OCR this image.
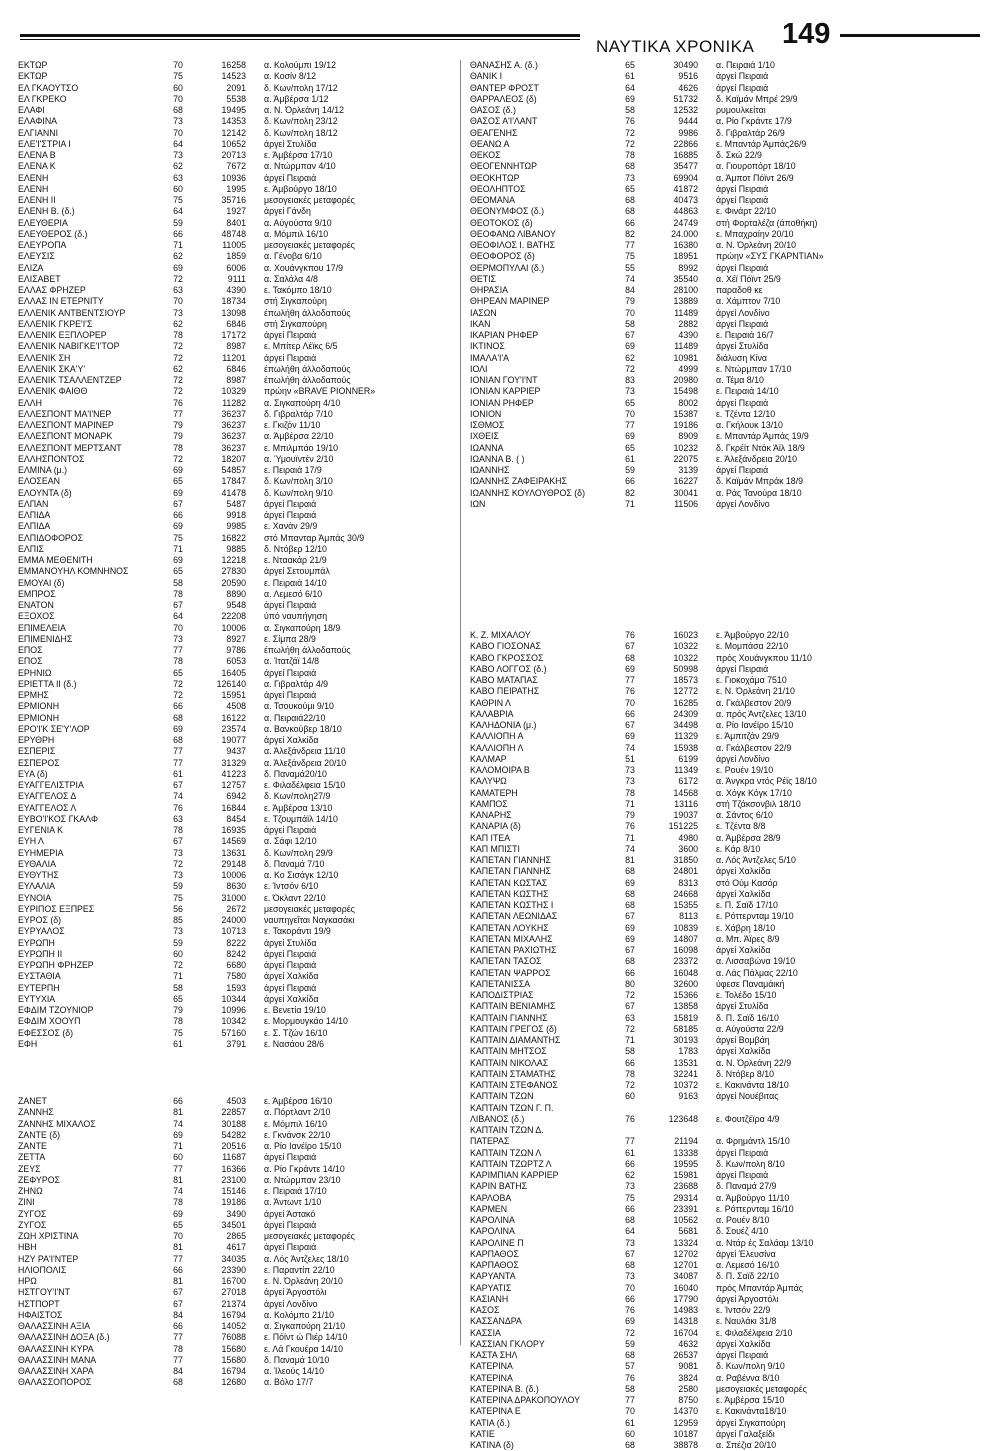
ΝΑΥΤΙΚΑ ΧΡΟΝΙΚΑ 149
ΕΚΤΩΡ	70	16258	α. Κολούμπι 19/12
ΕΚΤΩΡ	75	14523	α. Κοσίν 8/12
ΕΛ ΓΚΑΟΥΤΣΟ	60	2091	δ. Κων/πολη 17/12
ΕΛ ΓΚΡΕΚΟ	70	5538	α. Άμβέρσα 1/12
ΕΛΑΦΙ	68	19495	α. Ν. Όρλεάνη 14/12
ΕΛΑΦΙΝΑ	73	14353	δ. Κων/πολη 23/12
ΕΛΓΙΑΝΝΙ	70	12142	δ. Κων/πολη 18/12
ΕΛΕ'Ι'ΣΤΡΙΑ Ι	64	10652	άργεί Στυλίδα
ΕΛΕΝΑ Β	73	20713	ε. Άμβέρσα 17/10
ΕΛΕΝΑ Κ	62	7672	α. Ντώρμπαν 4/10
ΕΛΕΝΗ	63	10936	άργεί Πειραιά
ΕΛΕΝΗ	60	1995	ε. Άμβούργο 18/10
ΕΛΕΝΗ ΙΙ	75	35716	μεσογειακές μεταφορές
ΕΛΕΝΗ Β. (δ.)	64	1927	άργεί Γάνδη
ΕΛΕΥΘΕΡΙΑ	59	8401	α. Αύγούστα 9/10
ΕΛΕΥΘΕΡΟΣ (δ.)	66	48748	α. Μόμπιλ 16/10
ΕΛΕΥΡΟΠΑ	71	11005	μεσογειακές μεταφορές
ΕΛΕΥΣΙΣ	62	1859	α. Γένοβα 6/10
ΕΛΙΖΑ	69	6006	α. Χουάνγκπου 17/9
ΕΛΙΣΑΒΕΤ	72	9111	α. Σαλάλα 4/8
ΕΛΛΑΣ ΦΡΗΖΕΡ	63	4390	ε. Τακόμπο 18/10
ΕΛΛΑΣ ΙΝ ΕΤΕΡΝΙΤΥ	70	18734	στή Σιγκαπούρη
ΕΛΛΕΝΙΚ ΑΝΤΒΕΝΤΣΙΟΥΡ	73	13098	έπωλήθη άλλοδαπούς
ΕΛΛΕΝΙΚ ΓΚΡΕ'Ι'Σ	62	6846	στή Σιγκαπούρη
ΕΛΛΕΝΙΚ ΕΞΠΛΟΡΕΡ	78	17172	άργεί Πειραιά
ΕΛΛΕΝΙΚ ΝΑΒΙΓΚΕ'Ι'ΤΟΡ	72	8987	ε. Μπίτερ Λέϊκς 6/5
ΕΛΛΕΝΙΚ ΣΗ	72	11201	άργεί Πειραιά
ΕΛΛΕΝΙΚ ΣΚΑ'Υ'	62	6846	έπωλήθη άλλοδαπούς
ΕΛΛΕΝΙΚ ΤΣΑΛΛΕΝΤΖΕΡ	72	8987	έπωλήθη άλλοδαπούς
ΕΛΛΕΝΙΚ ΦΑΙΘΘ	72	10329	πρώην «BRAVE PIONNER»
ΕΛΛΗ	76	11282	α. Σιγκαπούρη 4/10
ΕΛΛΕΣΠΟΝΤ ΜΑ'Ι'ΝΕΡ	77	36237	δ. Γιβραλτάρ 7/10
ΕΛΛΕΣΠΟΝΤ ΜΑΡΙΝΕΡ	79	36237	ε. Γκιζόν 11/10
ΕΛΛΕΣΠΟΝΤ ΜΟΝΑΡΚ	79	36237	α. Άμβέρσα 22/10
ΕΛΛΕΣΠΟΝΤ ΜΕΡΤΣΑΝΤ	78	36237	ε. Μπιλμπάο 19/10
ΕΛΛΗΣΠΟΝΤΟΣ	72	18207	α. Ύμουϊντέν 2/10
ΕΛΜΙΝΑ (μ.)	69	54857	ε. Πειραιά 17/9
ΕΛΟΣΕΑΝ	65	17847	δ. Κων/πολη 3/10
ΕΛΟΥΝΤΑ (δ)	69	41478	δ. Κων/πολη 9/10
ΕΛΠΑΝ	67	5487	άργεί Πειραιά
ΕΛΠΙΔΑ	66	9918	άργεί Πειραιά
ΕΛΠΙΔΑ	69	9985	ε. Χανάν 29/9
ΕΛΠΙΔΟΦΟΡΟΣ	75	16822	στό Μπανταρ Άμπάς 30/9
ΕΛΠΙΣ	71	9885	δ. Ντόβερ 12/10
ΕΜΜΑ ΜΕΘΕΝΙΤΗ	69	12218	ε. Νταακάρ 21/9
ΕΜΜΑΝΟΥΗΛ ΚΟΜΝΗΝΟΣ	65	27830	άργεί Σετουμπάλ
ΕΜΟΥΑΙ (δ)	58	20590	ε. Πειραιά 14/10
ΕΜΠΡΟΣ	78	8890	α. Λεμεσό 6/10
ΕΝΑΤΟΝ	67	9548	άργεί Πειραιά
ΕΞΟΧΟΣ	64	22208	ύπό ναυπήγηση
ΕΠΙΜΕΛΕΙΑ	70	10006	α. Σιγκαπούρη 18/9
ΕΠΙΜΕΝΙΔΗΣ	73	8927	ε. Σίμπα 28/9
ΕΠΟΣ	77	9786	έπωλήθη άλλοδαπούς
ΕΠΟΣ	78	6053	α. Ίτατζάϊ 14/8
ΕΡΗΝΙΩ	65	16405	άργεί Πειραιά
ΕΡΙΕΤΤΑ ΙΙ (δ.)	72	126140	α. Γιβραλτάρ 4/9
ΕΡΜΗΣ	72	15951	άργεί Πειραιά
ΕΡΜΙΟΝΗ	66	4508	α. Τσουκούμι 9/10
ΕΡΜΙΟΝΗ	68	16122	α. Πειραιά22/10
ΕΡΟ'Ι'Κ ΣΕ'Υ'ΛΟΡ	69	23574	α. Βανκούβερ 18/10
ΕΡΥΘΡΗ	68	19077	άργεί Χαλκίδα
ΕΣΠΕΡΙΣ	77	9437	α. Άλεξάνδρεια 11/10
ΕΣΠΕΡΟΣ	77	31329	α. Άλεξάνδρεια 20/10
ΕΥΑ (δ)	61	41223	δ. Παναμά20/10
ΕΥΑΓΓΕΛΙΣΤΡΙΑ	67	12757	ε. Φιλαδέλφεια 15/10
ΕΥΑΓΓΕΛΟΣ Δ	74	6942	δ. Κων/πολη27/9
ΕΥΑΓΓΕΛΟΣ Λ	76	16844	ε. Άμβέρσα 13/10
ΕΥΒΟ'Ι'ΚΟΣ ΓΚΑΛΦ	63	8454	ε. Τζουμπάϊλ 14/10
ΕΥΓΕΝΙΑ Κ	78	16935	άργεί Πειραιά
ΕΥΗ Λ	67	14569	α. Σάφι 12/10
ΕΥΗΜΕΡΙΑ	73	13631	δ. Κων/πολη 29/9
ΕΥΘΑΛΙΑ	72	29148	δ. Παναμά 7/10
ΕΥΘΥΤΗΣ	73	10006	α. Κο Σισάγκ 12/10
ΕΥΛΑΛΙΑ	59	8630	ε. Ίντσόν 6/10
ΕΥΝΟΙΑ	75	31000	ε. Όκλαντ 22/10
ΕΥΡΙΠΟΣ ΕΞΠΡΕΣ	56	2672	μεσογειακές μεταφορές
ΕΥΡΟΣ (δ)	85	24000	ναυπηγεΐται Ναγκασάκι
ΕΥΡΥΑΛΟΣ	73	10713	ε. Τακοράντι 19/9
ΕΥΡΩΠΗ	59	8222	άργεί Στυλίδα
ΕΥΡΩΠΗ ΙΙ	60	8242	άργεί Πειραιά
ΕΥΡΩΠΗ ΦΡΗΖΕΡ	72	6680	άργεί Πειραιά
ΕΥΣΤΑΘΙΑ	71	7580	άργεί Χαλκίδα
ΕΥΤΕΡΠΗ	58	1593	άργεί Πειραιά
ΕΥΤΥΧΙΑ	65	10344	άργεί Χαλκίδα
ΕΦΔΙΜ ΤΖΟΥΝΙΟΡ	79	10996	ε. Βενετία 19/10
ΕΦΔΙΜ ΧΟΟΥΠ	78	10342	ε. Μορμουγκάο 14/10
ΕΦΕΣΣΟΣ (δ)	75	57160	ε. Σ. Τζών 16/10
ΕΦΗ	61	3791	ε. Νασάου 28/6
ΖΑΝΕΤ	66	4503	ε. Άμβέρσα 16/10
ΖΑΝΝΗΣ	81	22857	α. Πόρτλαντ 2/10
ΖΑΝΝΗΣ ΜΙΧΑΛΟΣ	74	30188	ε. Μόμπιλ 16/10
ΖΑΝΤΕ (δ)	69	54282	ε. Γκνάνσκ 22/10
ΖΑΝΤΕ	71	20516	α. Ρίο Ιανέϊρο 15/10
ΖΕΤΤΑ	60	11687	άργεί Πειραιά
ΖΕΥΣ	77	16366	α. Ρίο Γκράντε 14/10
ΖΕΦΥΡΟΣ	81	23100	α. Ντώρμπαν 23/10
ΖΗΝΩ	74	15146	ε. Πειραιά 17/10
ΖΙΝΙ	78	19186	α. Άντωντ 1/10
ΖΥΓΟΣ	69	3490	άργεί Άστακό
ΖΥΓΟΣ	65	34501	άργεί Πειραιά
ΖΩΗ ΧΡΙΣΤΙΝΑ	70	2865	μεσογειακές μεταφορές
ΗΒΗ	81	4617	άργεί Πειραιά
ΗΖΥ ΡΑ'Ι'ΝΤΕΡ	77	34035	α. Λός Άντζελες 18/10
ΗΛΙΟΠΟΛΙΣ	66	23390	ε. Παραντίπ 22/10
ΗΡΩ	81	16700	ε. Ν. Όρλεάνη 20/10
ΗΣΤΓΟΥ'Ι'ΝΤ	67	27018	άργεί Άργοστόλι
ΗΣΤΠΟΡΤ	67	21374	άργεί Λονδίνο
ΗΦΑΙΣΤΟΣ	84	16794	α. Κολόμπο 21/10
ΘΑΛΑΣΣΙΝΗ ΑΞΙΑ	66	14052	α. Σιγκαπούρη 21/10
ΘΑΛΑΣΣΙΝΗ ΔΟΞΑ (δ.)	77	76088	ε. Πόϊντ ώ Πιέρ 14/10
ΘΑΛΑΣΣΙΝΗ ΚΥΡΑ	78	15680	ε. Λά Γκουέρα 14/10
ΘΑΛΑΣΣΙΝΗ ΜΑΝΑ	77	15680	δ. Παναμά 10/10
ΘΑΛΑΣΣΙΝΗ ΧΑΡΑ	84	16794	α. Ίλεούς 14/10
ΘΑΛΑΣΣΟΠΟΡΟΣ	68	12680	α. Βόλο 17/7
ΘΑΝΑΣΗΣ Α. (δ.)	65	30490	α. Πειραιά 1/10
ΘΑΝΙΚ Ι	61	9516	άργεί Πειραιά
ΘΑΝΤΕΡ ΦΡΟΣΤ	64	4626	άργεί Πειραιά
ΘΑΡΡΑΛΕΟΣ (δ)	69	51732	δ. Καϊμάν Μπρέ 29/9
ΘΑΣΟΣ (δ.)	58	12532	ρυμουλκείται
ΘΑΣΟΣ Α'Ι'ΛΑΝΤ	76	9444	α. Ρίο Γκράντε 17/9
ΘΕΑΓΕΝΗΣ	72	9986	δ. Γιβραλτάρ 26/9
ΘΕΑΝΩ Α	72	22866	ε. Μπαντάρ Άμπάς26/9
ΘΕΚΟΣ	78	16885	δ. Σκώ 22/9
ΘΕΟΓΕΝΝΗΤΩΡ	68	35477	α. Γιουροπόρτ 18/10
ΘΕΟΚΗΤΩΡ	73	69904	α. Άμποτ Πόϊντ 26/9
ΘΕΟΛΗΠΤΟΣ	65	41872	άργεί Πειραιά
ΘΕΟΜΑΝΑ	68	40473	άργεί Πειραιά
ΘΕΟΝΥΜΦΟΣ (δ.)	68	44863	ε. Φινάρτ 22/10
ΘΕΟΤΟΚΟΣ (δ)	66	24749	στή Φορταλέζα (άποθήκη)
ΘΕΟΦΑΝΩ ΛΙΒΑΝΟΥ	82	24.000	ε. Μπαχραίην 20/10
ΘΕΟΦΙΛΟΣ Ι. ΒΑΤΗΣ	77	16380	α. Ν. Όρλεάνη 20/10
ΘΕΟΦΟΡΟΣ (δ)	75	18951	πρώην «ΣΥΣ ΓΚΑΡΝΤΙΑΝ»
ΘΕΡΜΟΠΥΛΑΙ (δ.)	55	8992	άργεί Πειραιά
ΘΕΤΙΣ	74	35540	α. Χέϊ Πόϊντ 25/9
ΘΗΡΑΣΙΑ	84	28100	παραδοθ κε
ΘΗΡΕΑΝ ΜΑΡΙΝΕΡ	79	13889	α. Χάμπτον 7/10
ΙΑΣΩΝ	70	11489	άργεί Λονδίνο
ΙΚΑΝ	58	2882	άργεί Πειραιά
ΙΚΑΡΙΑΝ ΡΗΦΕΡ	67	4390	ε. Πειραιά 16/7
ΙΚΤΙΝΟΣ	69	11489	άργεί Στυλίδα
ΙΜΑΛΑ'Ι'Α	62	10981	διάλυση Κίνα
ΙΟΛΙ	72	4999	ε. Ντώρμπαν 17/10
ΙΟΝΙΑΝ ΓΟΥ'Ι'ΝΤ	83	20980	α. Τέμα 8/10
ΙΟΝΙΑΝ ΚΑΡΡΙΕΡ	73	15498	ε. Πειραιά 14/10
ΙΟΝΙΑΝ ΡΗΦΕΡ	65	8002	άργεί Πειραιά
ΙΟΝΙΟΝ	70	15387	ε. Τζέντα 12/10
ΙΣΘΜΟΣ	77	19186	α. Γκήλουκ 13/10
ΙΧΘΕΙΣ	69	8909	ε. Μπαντάρ Άμπάς 19/9
ΙΩΑΝΝΑ	65	10232	δ. Γκρέϊτ Ντάκ Άϊλ 18/9
ΙΩΑΝΝΑ Β. ( )	61	22075	ε. Άλεξάνδρεια 20/10
ΙΩΑΝΝΗΣ	59	3139	άργεί Πειραιά
ΙΩΑΝΝΗΣ ΖΑΦΕΙΡΑΚΗΣ	66	16227	δ. Καϊμάν Μπράκ 18/9
ΙΩΑΝΝΗΣ ΚΟΥΛΟΥΘΡΟΣ (δ)	82	30041	α. Ράς Τανούρα 18/10
ΙΩΝ	71	11506	άργεί Λονδίνο
Κ. Ζ. ΜΙΧΑΛΟΥ	76	16023	ε. Άμβούργο 22/10
ΚΑΒΟ ΓΙΟΣΟΝΑΣ	67	10322	ε. Μομπάσα 22/10
ΚΑΒΟ ΓΚΡΟΣΣΟΣ	68	10322	πρός Χουάνγκπου 11/10
ΚΑΒΟ ΛΟΓΓΟΣ (δ.)	69	50998	άργεί Πειραιά
ΚΑΒΟ ΜΑΤΑΠΑΣ	77	18573	ε. Γιοκοχάμα 7510
ΚΑΒΟ ΠΕΙΡΑΤΗΣ	76	12772	ε. Ν. Όρλεάνη 21/10
ΚΑΘΡΙΝ Λ	70	16285	α. Γκάλβεστον 20/9
ΚΑΛΑΒΡΙΑ	66	24309	α. πρός Άντζελες 13/10
ΚΑΛΗΔΟΝΙΑ (μ.)	67	34498	α. Ρίο Ιανέϊρο 15/10
ΚΑΛΛΙΟΠΗ Α	69	11329	ε. Άμπιτζάν 29/9
ΚΑΛΛΙΟΠΗ Λ	74	15938	α. Γκάλβεστον 22/9
ΚΑΛΜΑΡ	51	6199	άργεί Λονδίνο
ΚΑΛΟΜΟΙΡΑ Β	73	11349	ε. Ρουέν 19/10
ΚΑΛΥΨΩ	73	6172	α. Άνγκρα ντός Ρέϊς 18/10
ΚΑΜΑΤΕΡΗ	78	14568	α. Χόγκ Κόγκ 17/10
ΚΑΜΠΟΣ	71	13116	στή Τζάκσονβιλ 18/10
ΚΑΝΑΡΗΣ	79	19037	α. Σάντος 6/10
ΚΑΝΑΡΙΑ (δ)	76	151225	ε. Τζέντα 8/8
ΚΑΠ ΙΤΕΑ	71	4980	α. Άμβέρσα 28/9
ΚΑΠ ΜΠΙΣΤΙ	74	3600	ε. Κάρ 8/10
ΚΑΠΕΤΑΝ ΓΙΑΝΝΗΣ	81	31850	α. Λός Άντζελες 5/10
ΚΑΠΕΤΑΝ ΓΙΑΝΝΗΣ	68	24801	άργεί Χαλκίδα
ΚΑΠΕΤΑΝ ΚΩΣΤΑΣ	69	8313	στό Ούμ Κασόρ
ΚΑΠΕΤΑΝ ΚΩΣΤΗΣ	68	24668	άργεί Χαλκίδα
ΚΑΠΕΤΑΝ ΚΩΣΤΗΣ Ι	68	15355	ε. Π. Σαϊδ 17/10
ΚΑΠΕΤΑΝ ΛΕΩΝΙΔΑΣ	67	8113	ε. Ρόττερνταμ 19/10
ΚΑΠΕΤΑΝ ΛΟΥΚΗΣ	69	10839	ε. Χάβρη 18/10
ΚΑΠΕΤΑΝ ΜΙΧΑΛΗΣ	69	14807	α. Μπ. Άϊρες 8/9
ΚΑΠΕΤΑΝ ΡΑΧΙΩΤΗΣ	67	16098	άργεί Χαλκίδα
ΚΑΠΕΤΑΝ ΤΑΣΟΣ	68	23372	α. Λισσαβώνα 19/10
ΚΑΠΕΤΑΝ ΨΑΡΡΟΣ	66	16048	α. Λάς Πάλμας 22/10
ΚΑΠΕΤΑΝΙΣΣΑ	80	32600	ύφεσε Παναμάική
ΚΑΠΟΔΙΣΤΡΙΑΣ	72	15366	ε. Τολέδο 15/10
ΚΑΠΤΑΙΝ ΒΕΝΙΑΜΗΣ	67	13858	άργεί Στυλίδα
ΚΑΠΤΑΙΝ ΓΙΑΝΝΗΣ	63	15819	δ. Π. Σαϊδ 16/10
ΚΑΠΤΑΙΝ ΓΡΕΓΟΣ (δ)	72	58185	α. Αύγούστα 22/9
ΚΑΠΤΑΙΝ ΔΙΑΜΑΝΤΗΣ	71	30193	άργεί Βομβάη
ΚΑΠΤΑΙΝ ΜΗΤΣΟΣ	58	1783	άργεί Χαλκίδα
ΚΑΠΤΑΙΝ ΝΙΚΟΛΑΣ	66	13531	α. Ν. Όρλεάνη 22/9
ΚΑΠΤΑΙΝ ΣΤΑΜΑΤΗΣ	78	32241	δ. Ντόβερ 8/10
ΚΑΠΤΑΙΝ ΣΤΕΦΑΝΟΣ	72	10372	ε. Κακινάντα 18/10
ΚΑΠΤΑΙΝ ΤΖΩΝ	60	9163	άργεί Νουέβιτας
ΚΑΠΤΑΙΝ ΤΖΩΝ Γ. Π.
ΛΙΒΑΝΟΣ (δ.)	76	123648	ε. Φουτζέϊρα 4/9
ΚΑΠΤΑΙΝ ΤΖΩΝ Δ.
ΠΑΤΕΡΑΣ	77	21194	α. Φρημάντλ 15/10
ΚΑΠΤΑΙΝ ΤΖΩΝ Λ	61	13338	άργεί Πειραιά
ΚΑΠΤΑΙΝ ΤΖΩΡΤΖ Λ	66	19595	δ. Κων/πολη 8/10
ΚΑΡΙΜΠΙΑΝ ΚΑΡΡΙΕΡ	62	15981	άργεί Πειραιά
ΚΑΡΙΝ ΒΑΤΗΣ	73	23688	δ. Παναμά 27/9
ΚΑΡΛΟΒΑ	75	29314	α. Άμβούργο 11/10
ΚΑΡΜΕΝ	66	23391	ε. Ρόττερνταμ 16/10
ΚΑΡΟΛΙΝΑ	68	10562	α. Ρουέν 8/10
ΚΑΡΟΛΙΝΑ	64	5681	δ. Σουέζ 4/10
ΚΑΡΟΛΙΝΕ Π	73	13324	α. Ντάρ ές Σαλάαμ 13/10
ΚΑΡΠΑΘΟΣ	67	12702	άργεί Έλευσίνα
ΚΑΡΠΑΘΟΣ	68	12701	α. Λεμεσό 16/10
ΚΑΡΥΑΝΤΑ	73	34087	δ. Π. Σαϊδ 22/10
ΚΑΡΥΑΤΙΣ	70	16040	πρός Μπαντάρ Άμπάς
ΚΑΣΙΑΝΗ	66	17790	άργεί Άργοστόλι
ΚΑΣΟΣ	76	14983	ε. Ίντσόν 22/9
ΚΑΣΣΑΝΔΡΑ	69	14318	ε. Ναυλάκι 31/8
ΚΑΣΣΙΑ	72	16704	ε. Φιλαδέλφεια 2/10
ΚΑΣΣΙΑΝ ΓΚΛΟΡΥ	59	4632	άργεί Χαλκίδα
ΚΑΣΤΑ ΣΗΛ	68	26537	άργεί Πειραιά
ΚΑΤΕΡΙΝΑ	57	9081	δ. Κων/πολη 9/10
ΚΑΤΕΡΙΝΑ	76	3824	α. Ραβέννα 8/10
ΚΑΤΕΡΙΝΑ Β. (δ.)	58	2580	μεσογειακές μεταφορές
ΚΑΤΕΡΙΝΑ ΔΡΑΚΟΠΟΥΛΟΥ	77	8750	ε. Άμβέρσα 15/10
ΚΑΤΕΡΙΝΑ Ε	70	14370	ε. Κακινάντα18/10
ΚΑΤΙΑ (δ.)	61	12959	άργεί Σιγκαπούρη
ΚΑΤΙΕ	60	10187	άργεί Γαλαξείδι
ΚΑΤΙΝΑ (δ)	68	38878	α. Σπέζια 20/10
